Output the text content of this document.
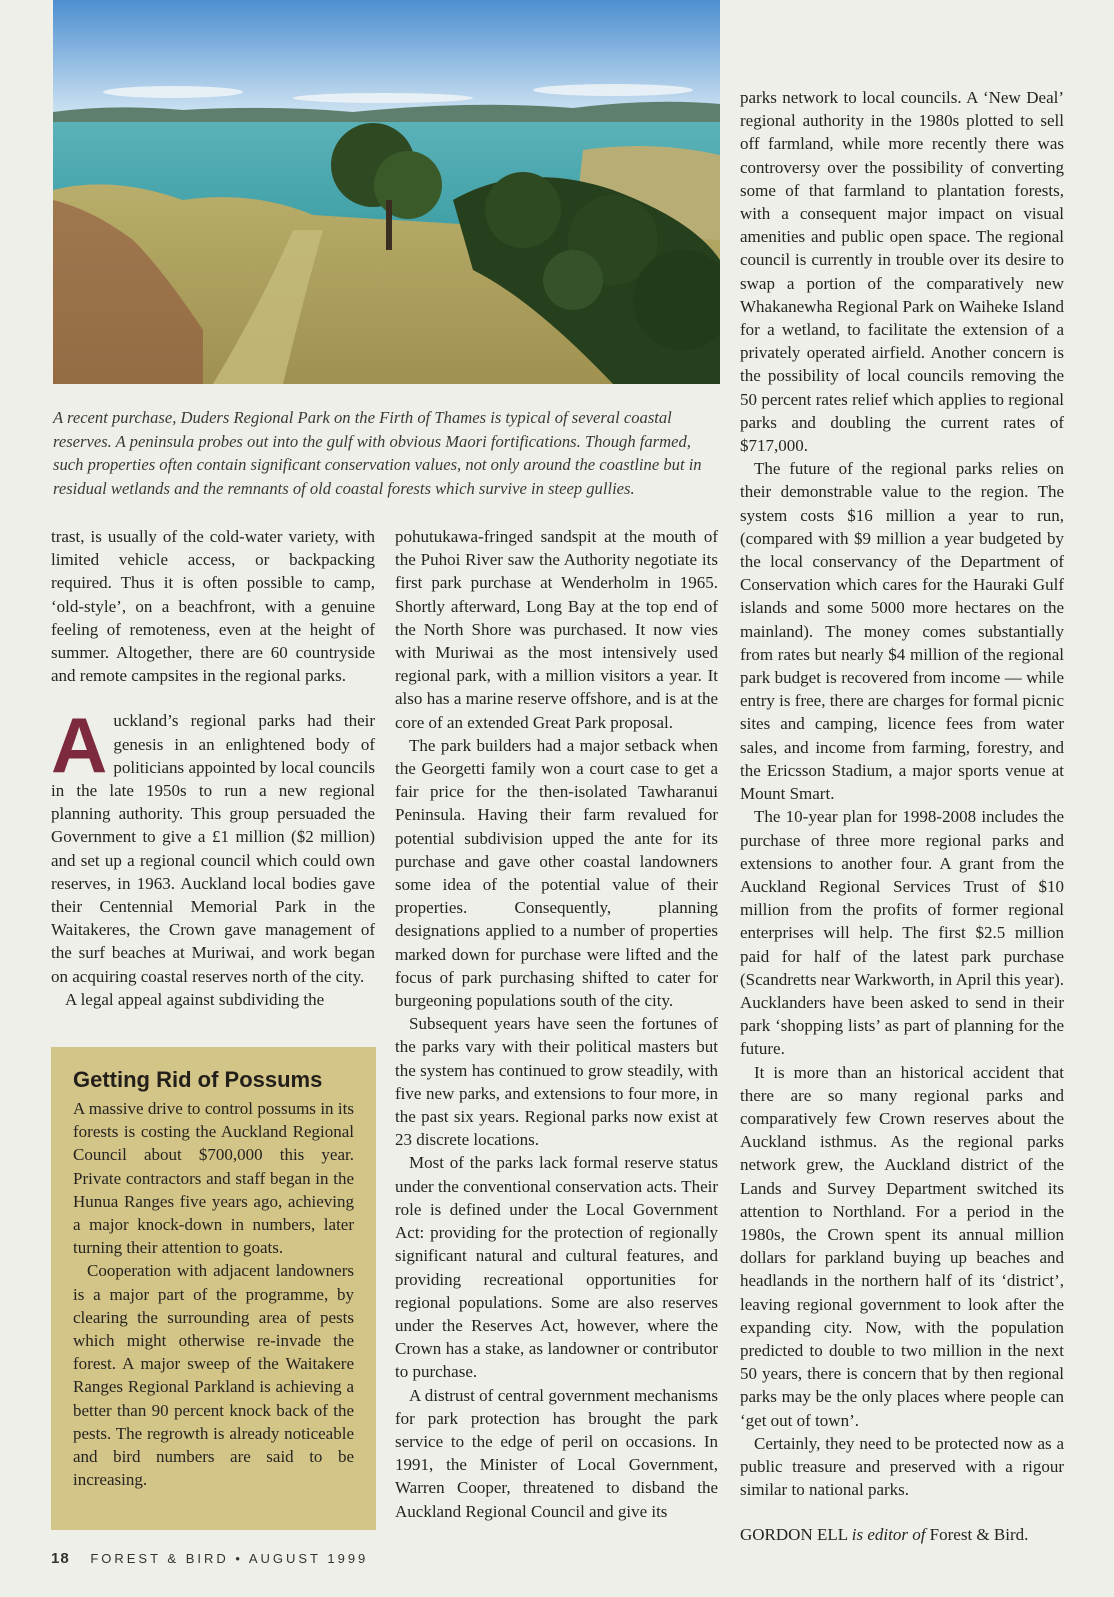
A recent purchase, Duders Regional Park on the Firth of Thames is typical of several coastal reserves. A peninsula probes out into the gulf with obvious Maori fortifications. Though farmed, such properties often contain significant conservation values, not only around the coastline but in residual wetlands and the remnants of old coastal forests which survive in steep gullies.

trast, is usually of the cold-water variety, with limited vehicle access, or backpacking required. Thus it is often possible to camp, ‘old-style’, on a beachfront, with a genuine feeling of remoteness, even at the height of summer. Altogether, there are 60 countryside and remote campsites in the regional parks.

Auckland’s regional parks had their genesis in an enlightened body of politicians appointed by local councils in the late 1950s to run a new regional planning authority. This group persuaded the Government to give a £1 million ($2 million) and set up a regional council which could own reserves, in 1963. Auckland local bodies gave their Centennial Memorial Park in the Waitakeres, the Crown gave management of the surf beaches at Muriwai, and work began on acquiring coastal reserves north of the city.

A legal appeal against subdividing the

Getting Rid of Possums

A massive drive to control possums in its forests is costing the Auckland Regional Council about $700,000 this year. Private contractors and staff began in the Hunua Ranges five years ago, achieving a major knock-down in numbers, later turning their attention to goats.

Cooperation with adjacent landowners is a major part of the programme, by clearing the surrounding area of pests which might otherwise re-invade the forest. A major sweep of the Waitakere Ranges Regional Parkland is achieving a better than 90 percent knock back of the pests. The regrowth is already noticeable and bird numbers are said to be increasing.

pohutukawa-fringed sandspit at the mouth of the Puhoi River saw the Authority negotiate its first park purchase at Wenderholm in 1965. Shortly afterward, Long Bay at the top end of the North Shore was purchased. It now vies with Muriwai as the most intensively used regional park, with a million visitors a year. It also has a marine reserve offshore, and is at the core of an extended Great Park proposal.

The park builders had a major setback when the Georgetti family won a court case to get a fair price for the then-isolated Tawharanui Peninsula. Having their farm revalued for potential subdivision upped the ante for its purchase and gave other coastal landowners some idea of the potential value of their properties. Consequently, planning designations applied to a number of properties marked down for purchase were lifted and the focus of park purchasing shifted to cater for burgeoning populations south of the city.

Subsequent years have seen the fortunes of the parks vary with their political masters but the system has continued to grow steadily, with five new parks, and extensions to four more, in the past six years. Regional parks now exist at 23 discrete locations.

Most of the parks lack formal reserve status under the conventional conservation acts. Their role is defined under the Local Government Act: providing for the protection of regionally significant natural and cultural features, and providing recreational opportunities for regional populations. Some are also reserves under the Reserves Act, however, where the Crown has a stake, as landowner or contributor to purchase.

A distrust of central government mechanisms for park protection has brought the park service to the edge of peril on occasions. In 1991, the Minister of Local Government, Warren Cooper, threatened to disband the Auckland Regional Council and give its

parks network to local councils. A ‘New Deal’ regional authority in the 1980s plotted to sell off farmland, while more recently there was controversy over the possibility of converting some of that farmland to plantation forests, with a consequent major impact on visual amenities and public open space. The regional council is currently in trouble over its desire to swap a portion of the comparatively new Whakanewha Regional Park on Waiheke Island for a wetland, to facilitate the extension of a privately operated airfield. Another concern is the possibility of local councils removing the 50 percent rates relief which applies to regional parks and doubling the current rates of $717,000.

The future of the regional parks relies on their demonstrable value to the region. The system costs $16 million a year to run, (compared with $9 million a year budgeted by the local conservancy of the Department of Conservation which cares for the Hauraki Gulf islands and some 5000 more hectares on the mainland). The money comes substantially from rates but nearly $4 million of the regional park budget is recovered from income — while entry is free, there are charges for formal picnic sites and camping, licence fees from water sales, and income from farming, forestry, and the Ericsson Stadium, a major sports venue at Mount Smart.

The 10-year plan for 1998-2008 includes the purchase of three more regional parks and extensions to another four. A grant from the Auckland Regional Services Trust of $10 million from the profits of former regional enterprises will help. The first $2.5 million paid for half of the latest park purchase (Scandretts near Warkworth, in April this year). Aucklanders have been asked to send in their park ‘shopping lists’ as part of planning for the future.

It is more than an historical accident that there are so many regional parks and comparatively few Crown reserves about the Auckland isthmus. As the regional parks network grew, the Auckland district of the Lands and Survey Department switched its attention to Northland. For a period in the 1980s, the Crown spent its annual million dollars for parkland buying up beaches and headlands in the northern half of its ‘district’, leaving regional government to look after the expanding city. Now, with the population predicted to double to two million in the next 50 years, there is concern that by then regional parks may be the only places where people can ‘get out of town’.

Certainly, they need to be protected now as a public treasure and preserved with a rigour similar to national parks.

GORDON ELL is editor of Forest & Bird.

18 FOREST & BIRD • AUGUST 1999
